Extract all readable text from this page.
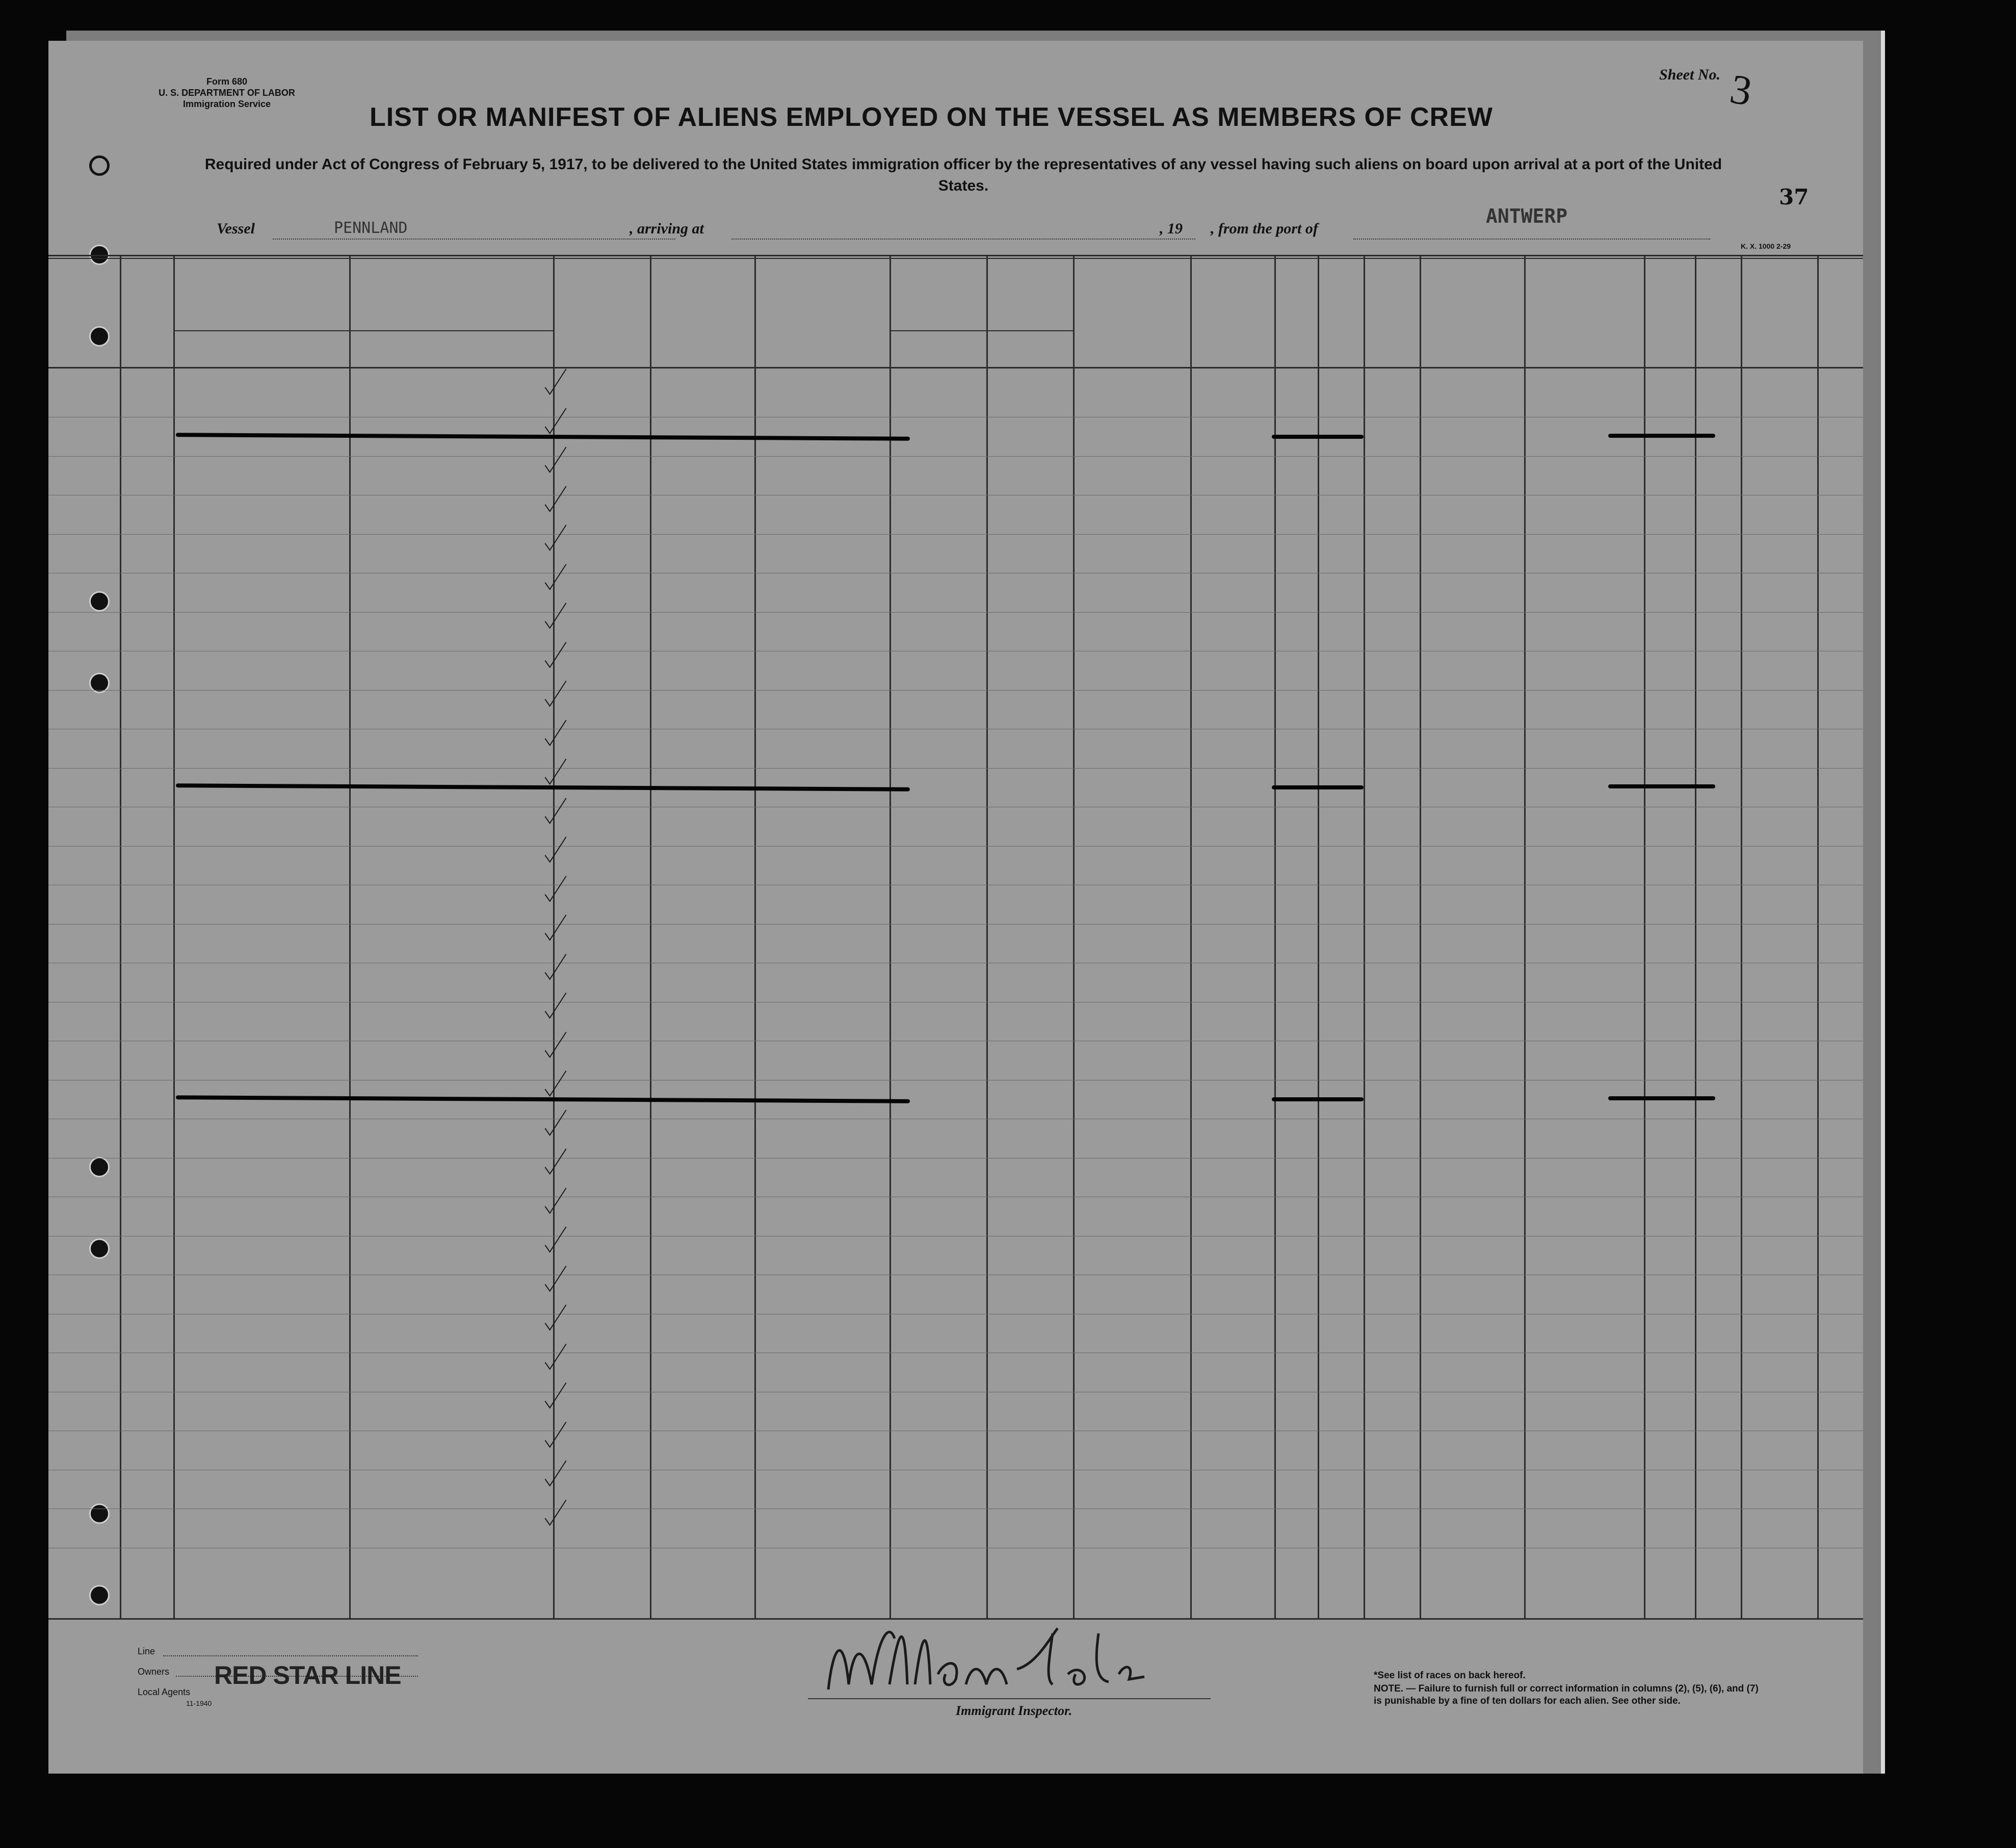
Form 680
U. S. DEPARTMENT OF LABOR
Immigration Service	LIST OR MANIFEST OF ALIENS EMPLOYED ON THE VESSEL AS MEMBERS OF CREW
Required under Act of Congress of February 5, 1917, to be delivered to the United States immigration officer by the representatives of any vessel having such aliens on board upon arrival at a port of the United States.
Sheet No. 3
37
Vessel	PENNLAND	, arriving at	, 19 , from the port of
ANTWERP
K. X. 1000 2-29
Line
Owners
Local Agents
11-1940
RED STAR LINE
Immigrant Inspector.
*See list of races on back hereof.
NOTE. — Failure to furnish full or correct information in columns (2), (5), (6), and (7) is punishable by a fine of ten dollars for each alien. See other side.
